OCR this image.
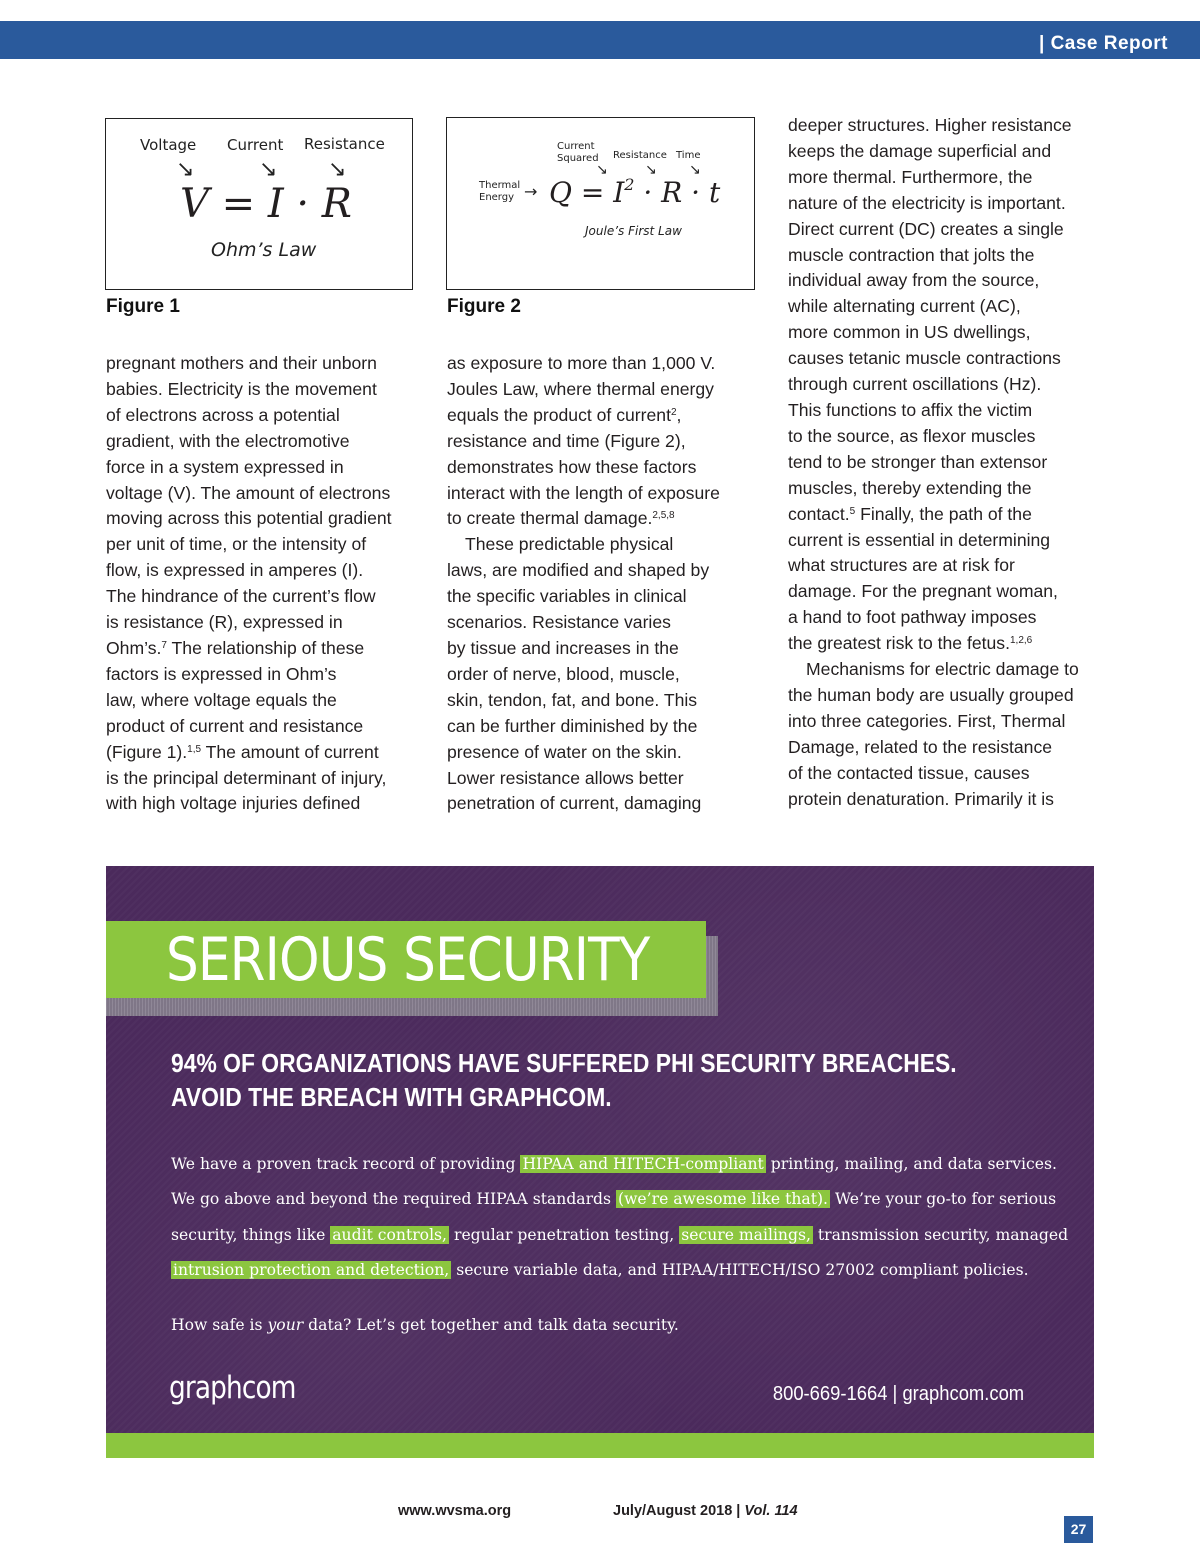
| Case Report
Voltage Current Resistance
↘	↘ ↘
V = I · R
Ohm’s Law
Figure 1
Current
Squared Resistance Time
↘	↘ ↘
Thermal
Energy → $Q = I^2 \cdot R \cdot t$
Joule’s First Law
Figure 2

pregnant mothers and their unborn

babies. Electricity is the movement

of electrons across a potential

gradient, with the electromotive

force in a system expressed in

voltage (V). The amount of electrons

moving across this potential gradient

per unit of time, or the intensity of

flow, is expressed in amperes (I).

The hindrance of the current’s flow

is resistance (R), expressed in

Ohm’s.$^7$ The relationship of these

factors is expressed in Ohm’s

law, where voltage equals the

product of current and resistance

(Figure 1).$^{1,5}$ The amount of current

is the principal determinant of injury,

with high voltage injuries defined

as exposure to more than 1,000 V.

Joules Law, where thermal energy

equals the product of current$^2$,

resistance and time (Figure 2),

demonstrates how these factors

interact with the length of exposure

to create thermal damage.$^{2,5,8}$

These predictable physical

laws, are modified and shaped by

the specific variables in clinical

scenarios. Resistance varies

by tissue and increases in the

order of nerve, blood, muscle,

skin, tendon, fat, and bone. This

can be further diminished by the

presence of water on the skin.

Lower resistance allows better

penetration of current, damaging

deeper structures. Higher resistance

keeps the damage superficial and

more thermal. Furthermore, the

nature of the electricity is important.

Direct current (DC) creates a single

muscle contraction that jolts the

individual away from the source,

while alternating current (AC),

more common in US dwellings,

causes tetanic muscle contractions

through current oscillations (Hz).

This functions to affix the victim

to the source, as flexor muscles

tend to be stronger than extensor

muscles, thereby extending the

contact.$^5$ Finally, the path of the

current is essential in determining

what structures are at risk for

damage. For the pregnant woman,

a hand to foot pathway imposes

the greatest risk to the fetus.$^{1,2,6}$

Mechanisms for electric damage to

the human body are usually grouped

into three categories. First, Thermal

Damage, related to the resistance

of the contacted tissue, causes

protein denaturation. Primarily it is

SERIOUS SECURITY
94% OF ORGANIZATIONS HAVE SUFFERED PHI SECURITY BREACHES.
AVOID THE BREACH WITH GRAPHCOM.

We have a proven track record of providing HIPAA and HITECH-compliant printing, mailing, and data services.
We go above and beyond the required HIPAA standards (we’re awesome like that). We’re your go-to for serious
security, things like audit controls, regular penetration testing, secure mailings, transmission security, managed
intrusion protection and detection, secure variable data, and HIPAA/HITECH/ISO 27002 compliant policies.

How safe is your data? Let’s get together and talk data security.
graphcom	800-669-1664 | graphcom.com
www.wvsma.org	July/August 2018 | Vol. 114
27
